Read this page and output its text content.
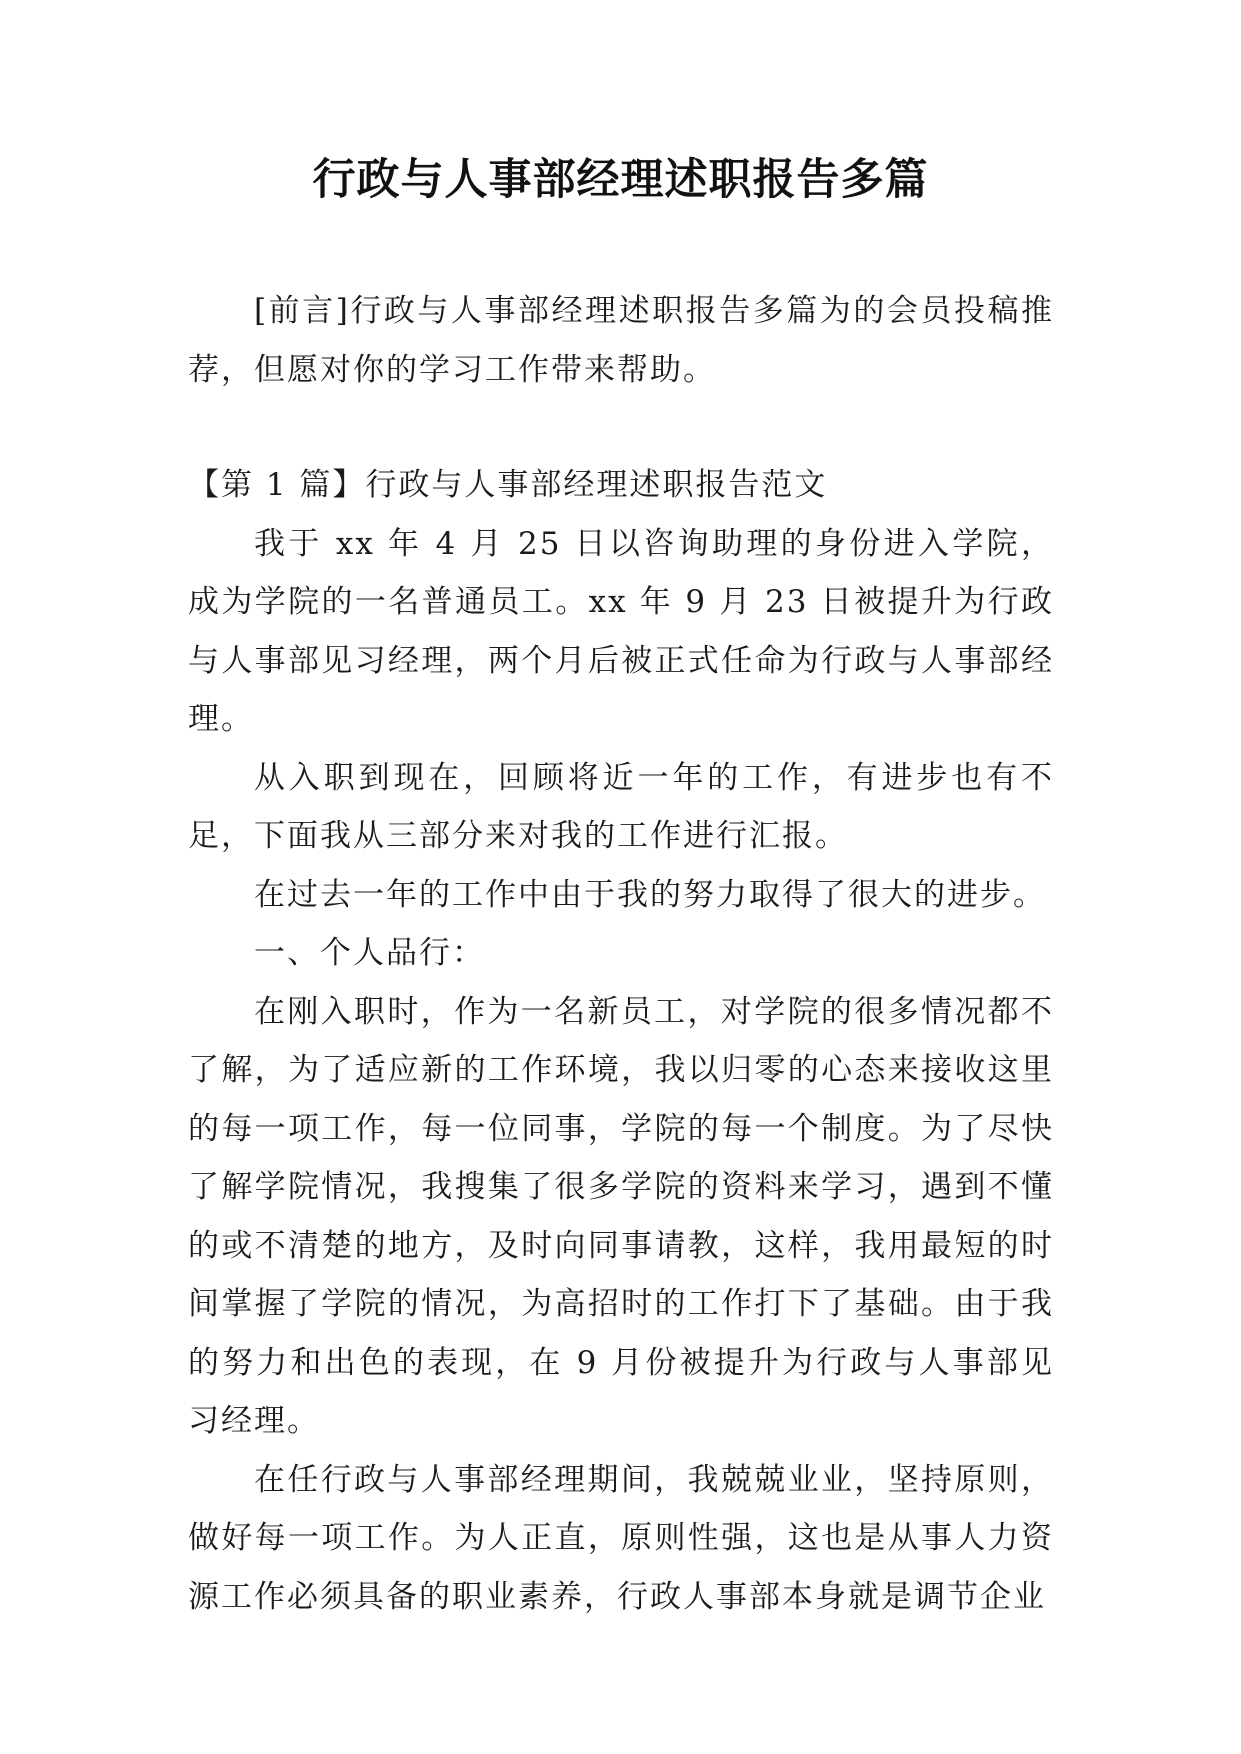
行政与人事部经理述职报告多篇

[前言]行政与人事部经理述职报告多篇为的会员投稿推荐，但愿对你的学习工作带来帮助。

【第 1 篇】行政与人事部经理述职报告范文

我于 xx 年 4 月 25 日以咨询助理的身份进入学院，成为学院的一名普通员工。xx 年 9 月 23 日被提升为行政与人事部见习经理，两个月后被正式任命为行政与人事部经理。

从入职到现在，回顾将近一年的工作，有进步也有不足，下面我从三部分来对我的工作进行汇报。

在过去一年的工作中由于我的努力取得了很大的进步。

一、个人品行：

在刚入职时，作为一名新员工，对学院的很多情况都不了解，为了适应新的工作环境，我以归零的心态来接收这里的每一项工作，每一位同事，学院的每一个制度。为了尽快了解学院情况，我搜集了很多学院的资料来学习，遇到不懂的或不清楚的地方，及时向同事请教，这样，我用最短的时间掌握了学院的情况，为高招时的工作打下了基础。由于我的努力和出色的表现，在 9 月份被提升为行政与人事部见习经理。

在任行政与人事部经理期间，我兢兢业业，坚持原则，做好每一项工作。为人正直，原则性强，这也是从事人力资源工作必须具备的职业素养，行政人事部本身就是调节企业
